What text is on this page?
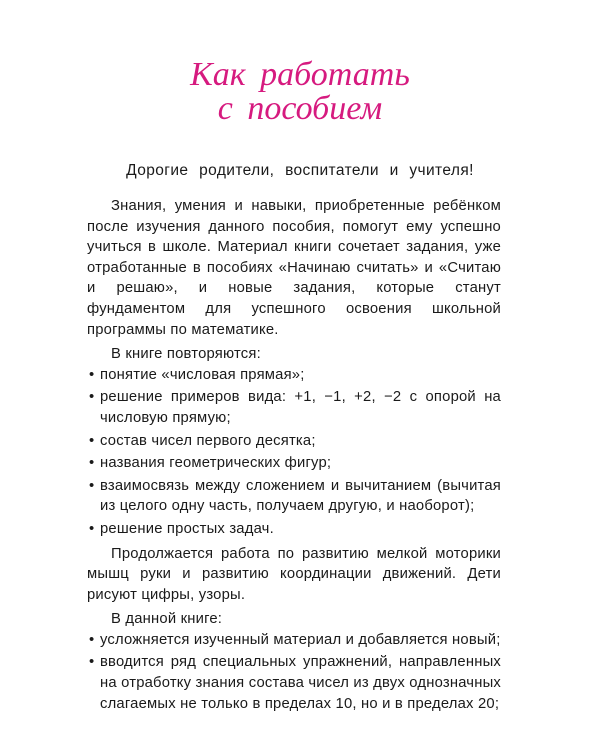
Как работать
с пособием
Дорогие родители, воспитатели и учителя!

Знания, умения и навыки, приобретенные ребёнком после изучения данного пособия, помогут ему успешно учиться в школе. Материал книги сочетает задания, уже отработанные в пособиях «Начинаю считать» и «Считаю и решаю», и новые задания, которые станут фундаментом для успешного освоения школьной программы по математике.

В книге повторяются:

• понятие «числовая прямая»;
• решение примеров вида: +1, −1, +2, −2 с опорой на числовую прямую;
• состав чисел первого десятка;
• названия геометрических фигур;
• взаимосвязь между сложением и вычитанием (вычитая из целого одну часть, получаем другую, и наоборот);
• решение простых задач.

Продолжается работа по развитию мелкой моторики мышц руки и развитию координации движений. Дети рисуют цифры, узоры.

В данной книге:

• усложняется изученный материал и добавляется новый;
• вводится ряд специальных упражнений, направленных на отработку знания состава чисел из двух однозначных слагаемых не только в пределах 10, но и в пределах 20;
